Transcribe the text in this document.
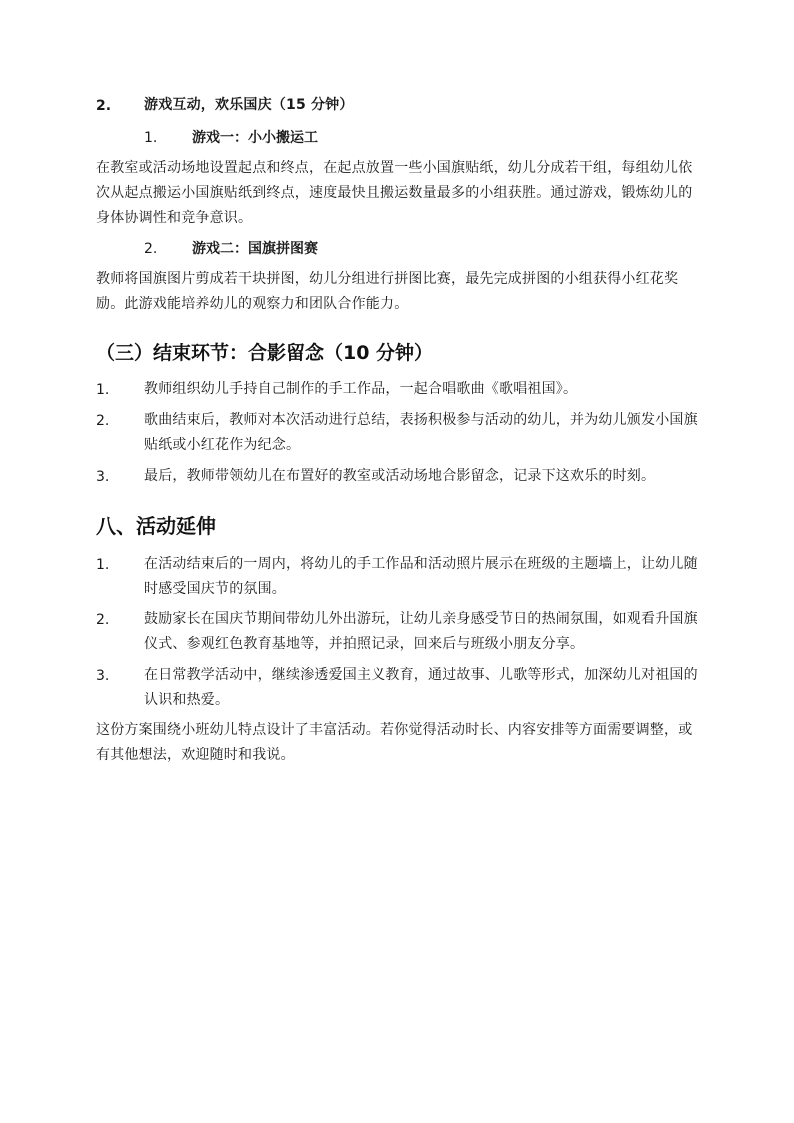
2. 游戏互动，欢乐国庆（15 分钟）
1. 游戏一：小小搬运工
在教室或活动场地设置起点和终点，在起点放置一些小国旗贴纸，幼儿分成若干组，每组幼儿依次从起点搬运小国旗贴纸到终点，速度最快且搬运数量最多的小组获胜。通过游戏，锻炼幼儿的身体协调性和竞争意识。
2. 游戏二：国旗拼图赛
教师将国旗图片剪成若干块拼图，幼儿分组进行拼图比赛，最先完成拼图的小组获得小红花奖励。此游戏能培养幼儿的观察力和团队合作能力。
（三）结束环节：合影留念（10 分钟）
1. 教师组织幼儿手持自己制作的手工作品，一起合唱歌曲《歌唱祖国》。
2. 歌曲结束后，教师对本次活动进行总结，表扬积极参与活动的幼儿，并为幼儿颁发小国旗贴纸或小红花作为纪念。
3. 最后，教师带领幼儿在布置好的教室或活动场地合影留念，记录下这欢乐的时刻。
八、活动延伸
1. 在活动结束后的一周内，将幼儿的手工作品和活动照片展示在班级的主题墙上，让幼儿随时感受国庆节的氛围。
2. 鼓励家长在国庆节期间带幼儿外出游玩，让幼儿亲身感受节日的热闹氛围，如观看升国旗仪式、参观红色教育基地等，并拍照记录，回来后与班级小朋友分享。
3. 在日常教学活动中，继续渗透爱国主义教育，通过故事、儿歌等形式，加深幼儿对祖国的认识和热爱。
这份方案围绕小班幼儿特点设计了丰富活动。若你觉得活动时长、内容安排等方面需要调整，或有其他想法，欢迎随时和我说。
